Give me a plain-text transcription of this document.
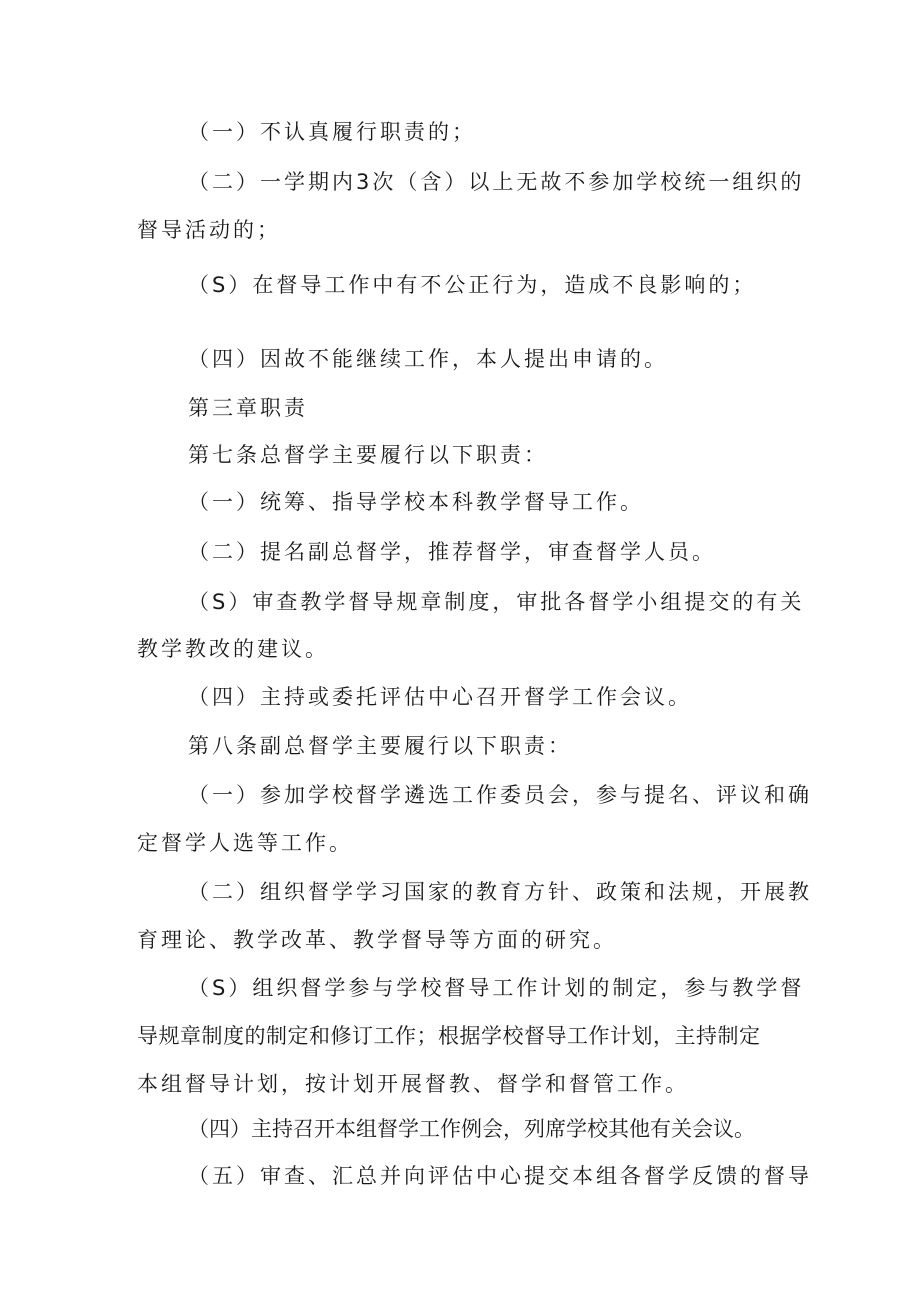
（一）不认真履行职责的；
（二）一学期内3次（含）以上无故不参加学校统一组织的
督导活动的；
（S）在督导工作中有不公正行为，造成不良影响的；
（四）因故不能继续工作，本人提出申请的。
第三章职责
第七条总督学主要履行以下职责：
（一）统筹、指导学校本科教学督导工作。
（二）提名副总督学，推荐督学，审查督学人员。
（S）审查教学督导规章制度，审批各督学小组提交的有关
教学教改的建议。
（四）主持或委托评估中心召开督学工作会议。
第八条副总督学主要履行以下职责：
（一）参加学校督学遴选工作委员会，参与提名、评议和确
定督学人选等工作。
（二）组织督学学习国家的教育方针、政策和法规，开展教
育理论、教学改革、教学督导等方面的研究。
（S）组织督学参与学校督导工作计划的制定，参与教学督
导规章制度的制定和修订工作；根据学校督导工作计划，主持制定
本组督导计划，按计划开展督教、督学和督管工作。
（四）主持召开本组督学工作例会，列席学校其他有关会议。
（五）审查、汇总并向评估中心提交本组各督学反馈的督导
